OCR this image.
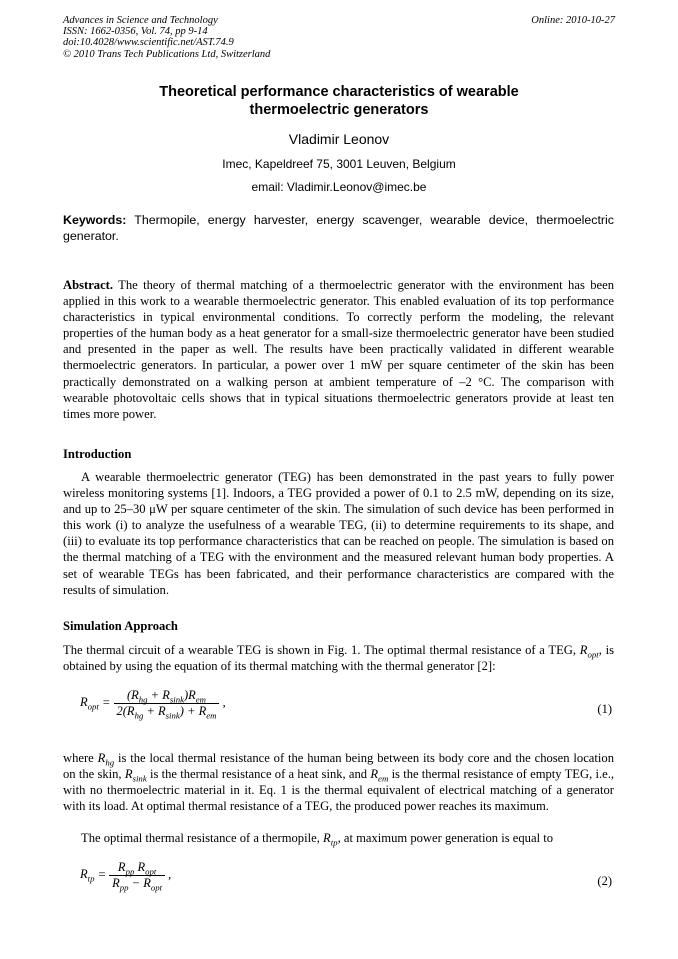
Advances in Science and Technology
ISSN: 1662-0356, Vol. 74, pp 9-14
doi:10.4028/www.scientific.net/AST.74.9
© 2010 Trans Tech Publications Ltd, Switzerland
Online: 2010-10-27
Theoretical performance characteristics of wearable
thermoelectric generators
Vladimir Leonov
Imec, Kapeldreef 75, 3001 Leuven, Belgium
email: Vladimir.Leonov@imec.be
Keywords: Thermopile, energy harvester, energy scavenger, wearable device, thermoelectric generator.
Abstract. The theory of thermal matching of a thermoelectric generator with the environment has been applied in this work to a wearable thermoelectric generator. This enabled evaluation of its top performance characteristics in typical environmental conditions. To correctly perform the modeling, the relevant properties of the human body as a heat generator for a small-size thermoelectric generator have been studied and presented in the paper as well. The results have been practically validated in different wearable thermoelectric generators. In particular, a power over 1 mW per square centimeter of the skin has been practically demonstrated on a walking person at ambient temperature of –2 °C. The comparison with wearable photovoltaic cells shows that in typical situations thermoelectric generators provide at least ten times more power.
Introduction
A wearable thermoelectric generator (TEG) has been demonstrated in the past years to fully power wireless monitoring systems [1]. Indoors, a TEG provided a power of 0.1 to 2.5 mW, depending on its size, and up to 25–30 μW per square centimeter of the skin. The simulation of such device has been performed in this work (i) to analyze the usefulness of a wearable TEG, (ii) to determine requirements to its shape, and (iii) to evaluate its top performance characteristics that can be reached on people. The simulation is based on the thermal matching of a TEG with the environment and the measured relevant human body properties. A set of wearable TEGs has been fabricated, and their performance characteristics are compared with the results of simulation.
Simulation Approach
The thermal circuit of a wearable TEG is shown in Fig. 1. The optimal thermal resistance of a TEG, $R_{opt}$, is obtained by using the equation of its thermal matching with the thermal generator [2]:
$R_{opt} = \frac{(R_{hg} + R_{sink})R_{em}}{2(R_{hg} + R_{sink}) + R_{em}}$ ,	(1)
where $R_{hg}$ is the local thermal resistance of the human being between its body core and the chosen location on the skin, $R_{sink}$ is the thermal resistance of a heat sink, and $R_{em}$ is the thermal resistance of empty TEG, i.e., with no thermoelectric material in it. Eq. 1 is the thermal equivalent of electrical matching of a generator with its load. At optimal thermal resistance of a TEG, the produced power reaches its maximum.
The optimal thermal resistance of a thermopile, $R_{tp}$, at maximum power generation is equal to
$R_{tp} = \frac{R_{pp} R_{opt}}{R_{pp} - R_{opt}}$ ,	(2)
